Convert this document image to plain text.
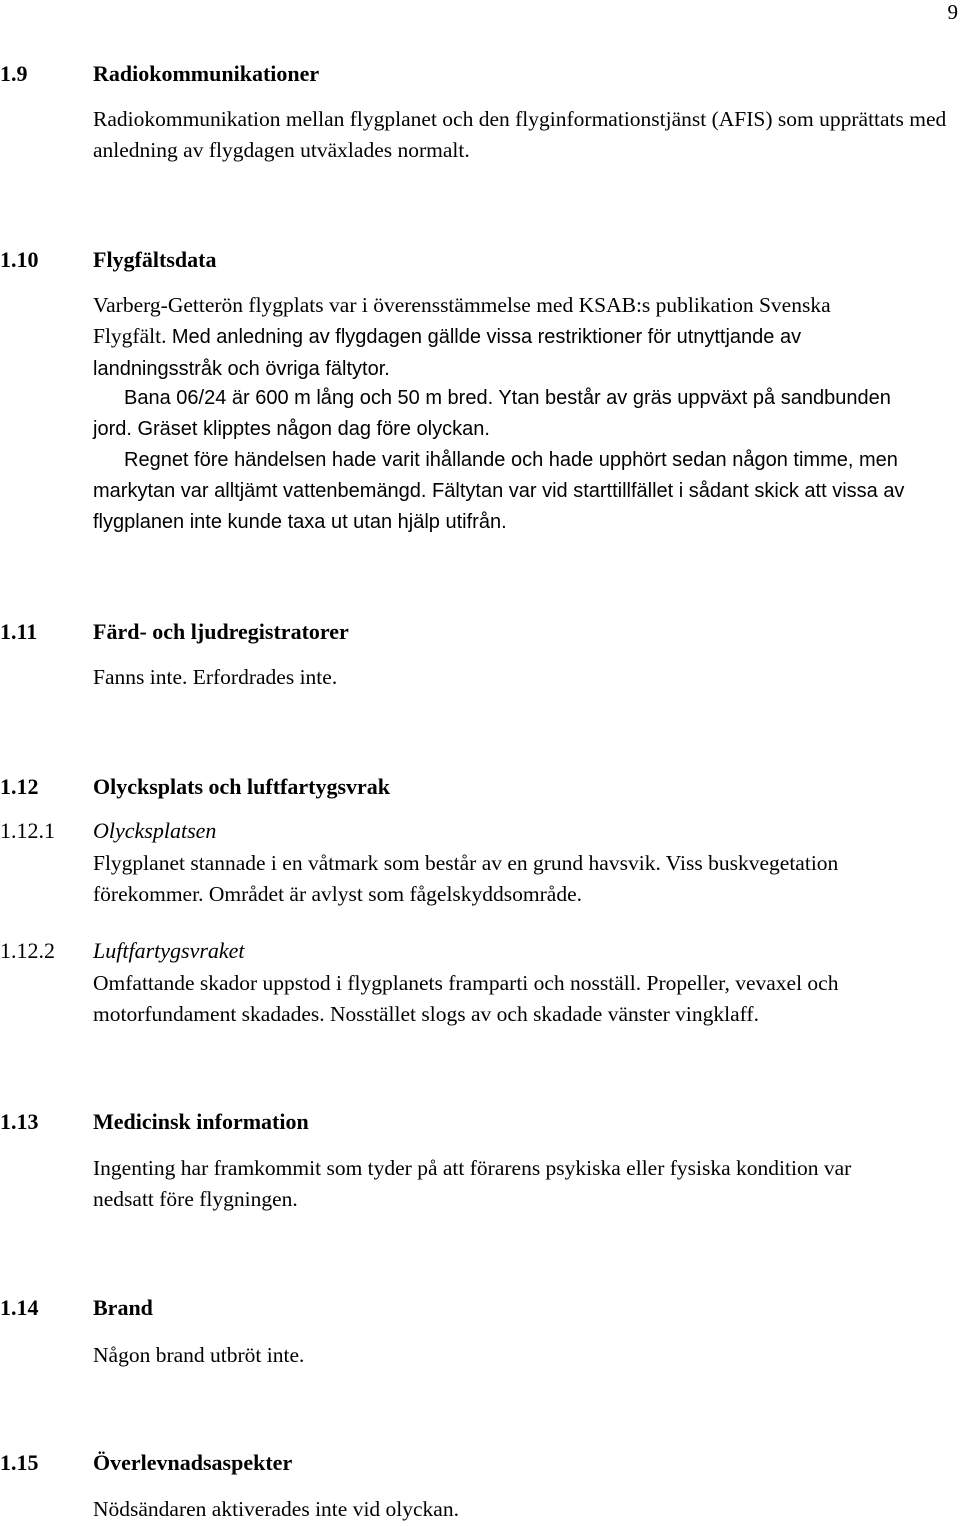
9
1.9	Radiokommunikationer

Radiokommunikation mellan flygplanet och den flyginformationstjänst (AFIS) som upprättats med anledning av flygdagen utväxlades normalt.

1.10 Flygfältsdata

Varberg-Getterön flygplats var i överensstämmelse med KSAB:s publikation Svenska Flygfält. Med anledning av flygdagen gällde vissa restriktioner för utnyttjande av landningsstråk och övriga fältytor.

Bana 06/24 är 600 m lång och 50 m bred. Ytan består av gräs uppväxt på sandbunden jord. Gräset klipptes någon dag före olyckan.

Regnet före händelsen hade varit ihållande och hade upphört sedan någon timme, men markytan var alltjämt vattenbemängd. Fältytan var vid starttillfället i sådant skick att vissa av flygplanen inte kunde taxa ut utan hjälp utifrån.

1.11	Färd- och ljudregistratorer

Fanns inte. Erfordrades inte.

1.12 Olycksplats och luftfartygsvrak
1.12.1 Olycksplatsen

Flygplanet stannade i en våtmark som består av en grund havsvik. Viss buskvegetation förekommer. Området är avlyst som fågelskyddsområde.

1.12.2 Luftfartygsvraket

Omfattande skador uppstod i flygplanets framparti och nosställ. Propeller, vevaxel och motorfundament skadades. Nosstället slogs av och skadade vänster vingklaff.

1.13 Medicinsk information

Ingenting har framkommit som tyder på att förarens psykiska eller fysiska kondition var nedsatt före flygningen.

1.14 Brand

Någon brand utbröt inte.

1.15 Överlevnadsaspekter

Nödsändaren aktiverades inte vid olyckan.
